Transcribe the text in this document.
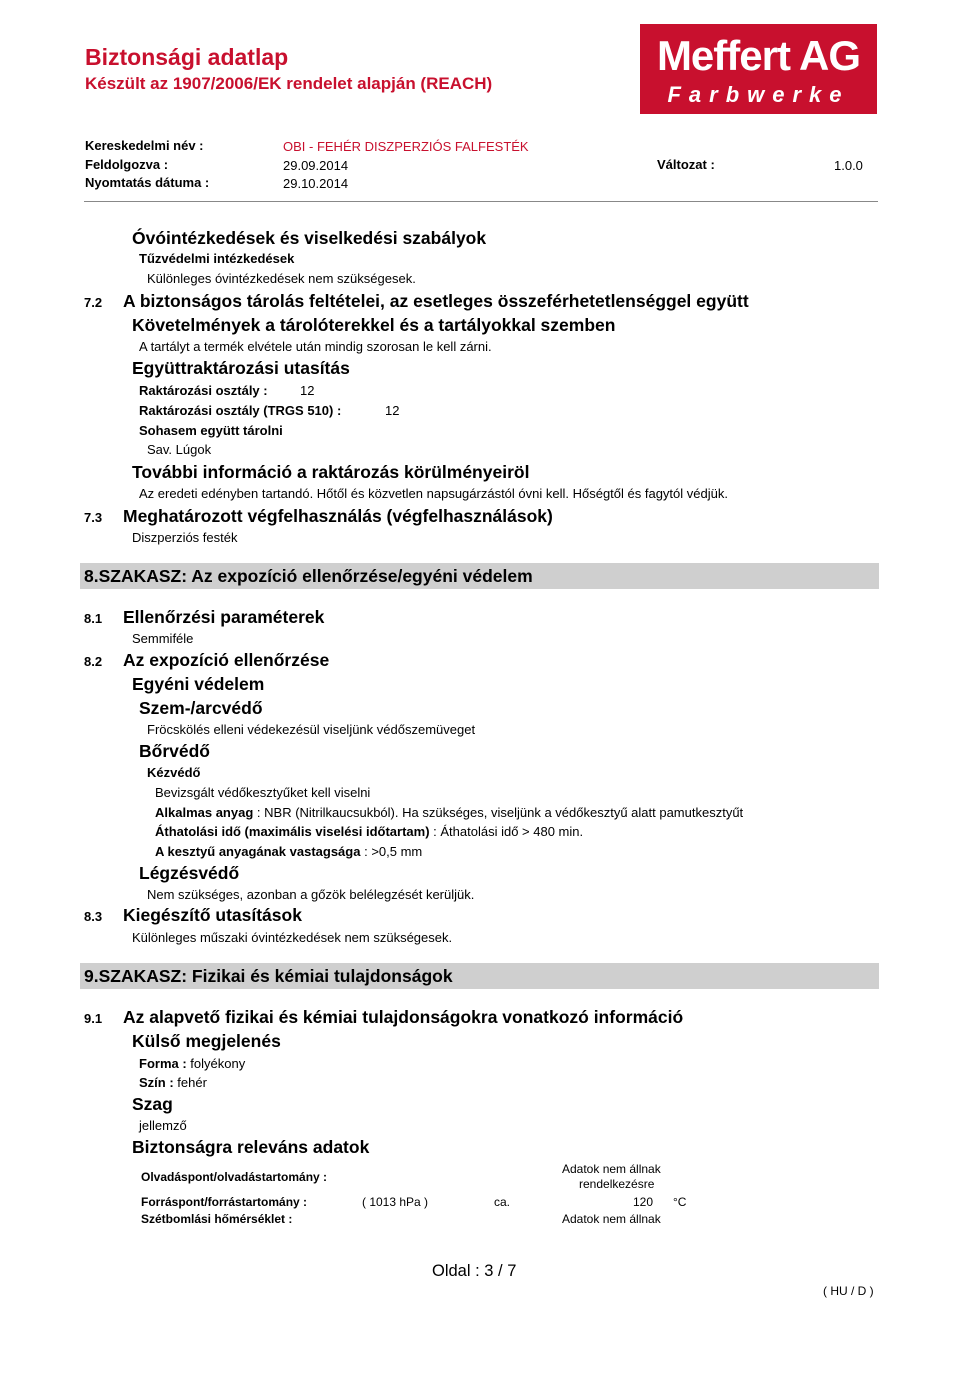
Biztonsági adatlap
Készült az 1907/2006/EK rendelet alapján (REACH)
Meffert AG
Farbwerke
Kereskedelmi név :	OBI - FEHÉR DISZPERZIÓS FALFESTÉK
Feldolgozva :	29.09.2014	Változat :	1.0.0
Nyomtatás dátuma :	29.10.2014
Óvóintézkedések és viselkedési szabályok
Tűzvédelmi intézkedések
Különleges óvintézkedések nem szükségesek.
7.2 A biztonságos tárolás feltételei, az esetleges összeférhetetlenséggel együtt
Követelmények a tárolóterekkel és a tartályokkal szemben
A tartályt a termék elvétele után mindig szorosan le kell zárni.
Együttraktározási utasítás
Raktározási osztály : 12
Raktározási osztály (TRGS 510) :	12
Sohasem együtt tárolni
Sav. Lúgok
További információ a raktározás körülményeiröl
Az eredeti edényben tartandó. Hőtől és közvetlen napsugárzástól óvni kell. Hőségtől és fagytól védjük.
7.3 Meghatározott végfelhasználás (végfelhasználások)
Diszperziós festék
8.SZAKASZ: Az expozíció ellenőrzése/egyéni védelem
8.1 Ellenőrzési paraméterek
Semmiféle
8.2 Az expozíció ellenőrzése
Egyéni védelem
Szem-/arcvédő
Fröcskölés elleni védekezésül viseljünk védőszemüveget
Bőrvédő
Kézvédő
Bevizsgált védőkesztyűket kell viselni
Alkalmas anyag : NBR (Nitrilkaucsukból). Ha szükséges, viseljünk a védőkesztyű alatt pamutkesztyűt
Áthatolási idő (maximális viselési időtartam) : Áthatolási idő > 480 min.
A kesztyű anyagának vastagsága : >0,5 mm
Légzésvédő
Nem szükséges, azonban a gőzök belélegzését kerüljük.
8.3 Kiegészítő utasítások
Különleges műszaki óvintézkedések nem szükségesek.
9.SZAKASZ: Fizikai és kémiai tulajdonságok
9.1 Az alapvető fizikai és kémiai tulajdonságokra vonatkozó információ
Külső megjelenés
Forma : folyékony
Szín : fehér
Szag
jellemző
Biztonságra releváns adatok
Olvadáspont/olvadástartomány :
Adatok nem állnak
rendelkezésre
Forráspont/forrástartomány :	( 1013 hPa )	ca.	120 °C
Szétbomlási hőmérséklet :	Adatok nem állnak
Oldal : 3 / 7
( HU / D )
